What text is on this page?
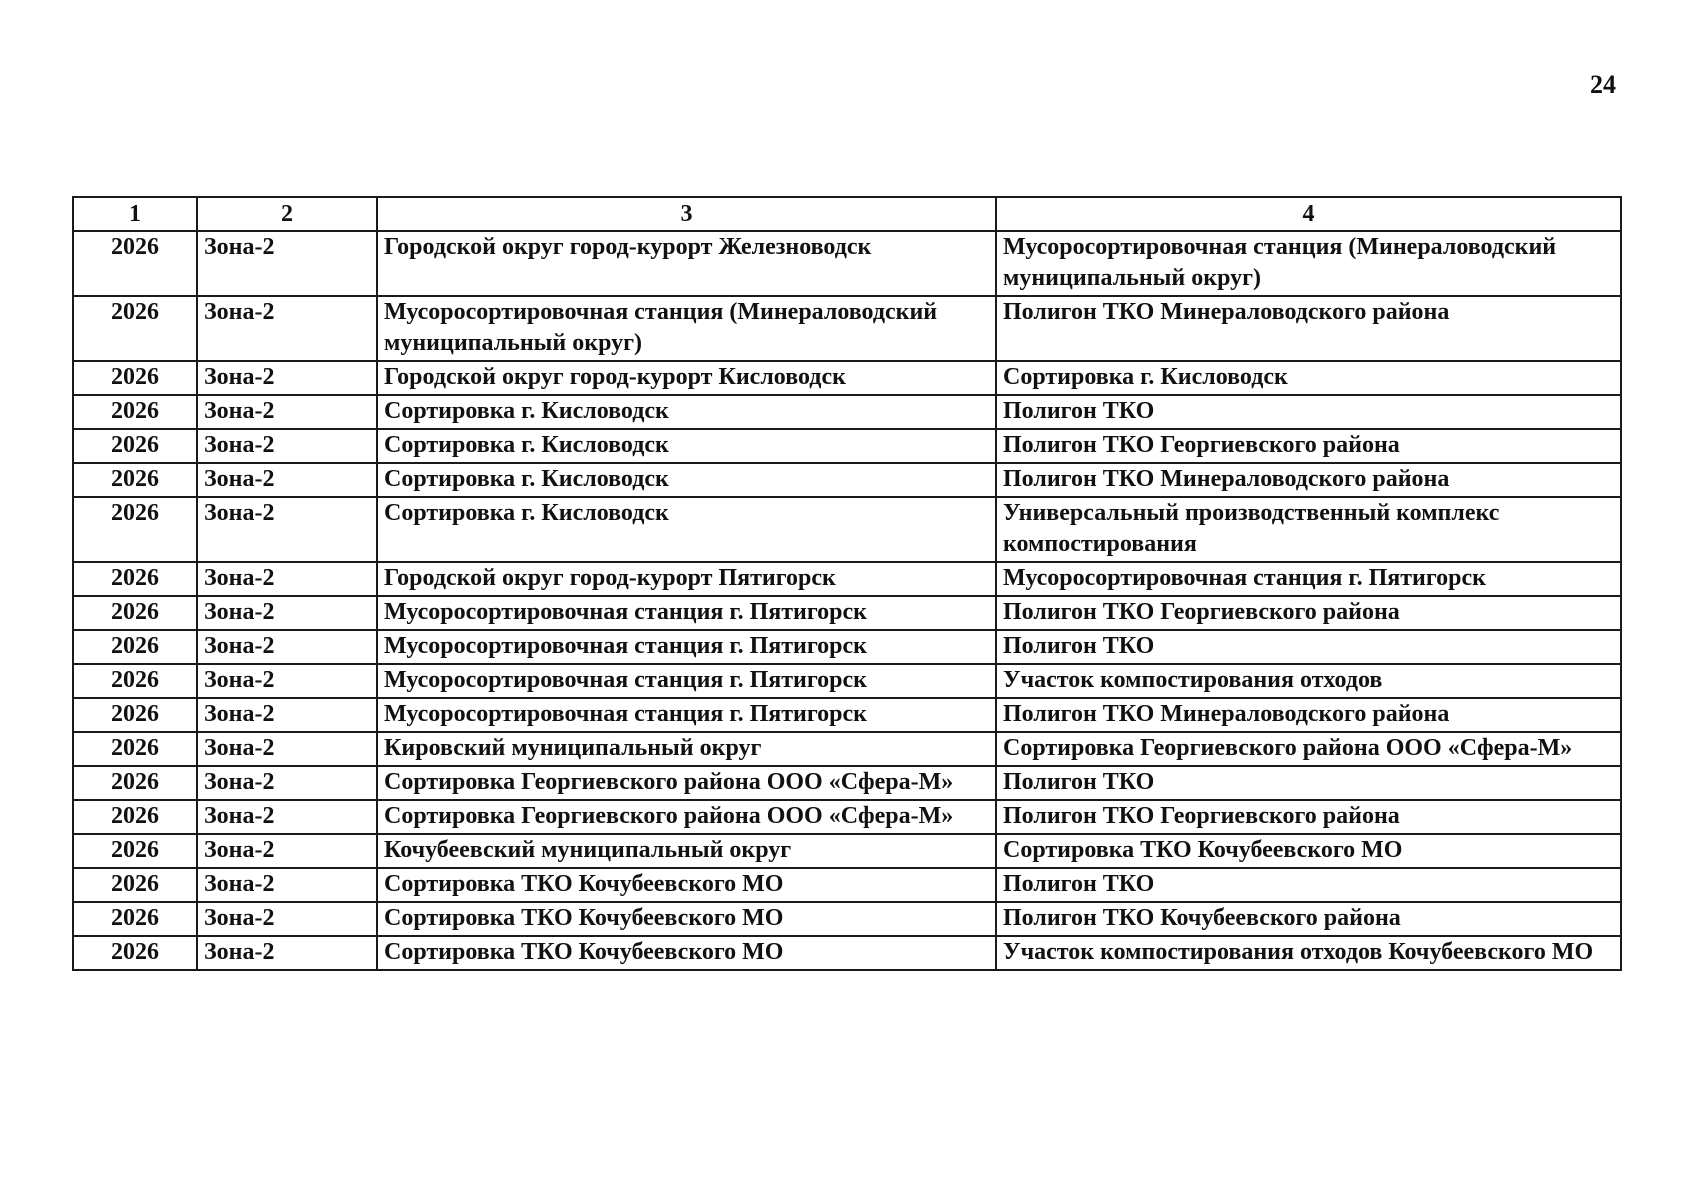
24
1	2	3	4
2026	Зона-2	Городской округ город-курорт Железноводск	Мусоросортировочная станция (Минераловодский муниципальный округ)
2026	Зона-2	Мусоросортировочная станция (Минераловодский муниципальный округ)	Полигон ТКО Минераловодского района
2026	Зона-2	Городской округ город-курорт Кисловодск	Сортировка г. Кисловодск
2026	Зона-2	Сортировка г. Кисловодск	Полигон ТКО
2026	Зона-2	Сортировка г. Кисловодск	Полигон ТКО Георгиевского района
2026	Зона-2	Сортировка г. Кисловодск	Полигон ТКО Минераловодского района
2026	Зона-2	Сортировка г. Кисловодск	Универсальный производственный комплекс компостирования
2026	Зона-2	Городской округ город-курорт Пятигорск	Мусоросортировочная станция г. Пятигорск
2026	Зона-2	Мусоросортировочная станция г. Пятигорск	Полигон ТКО Георгиевского района
2026	Зона-2	Мусоросортировочная станция г. Пятигорск	Полигон ТКО
2026	Зона-2	Мусоросортировочная станция г. Пятигорск	Участок компостирования отходов
2026	Зона-2	Мусоросортировочная станция г. Пятигорск	Полигон ТКО Минераловодского района
2026	Зона-2	Кировский муниципальный округ	Сортировка Георгиевского района ООО «Сфера-М»
2026	Зона-2	Сортировка Георгиевского района ООО «Сфера-М»	Полигон ТКО
2026	Зона-2	Сортировка Георгиевского района ООО «Сфера-М»	Полигон ТКО Георгиевского района
2026	Зона-2	Кочубеевский муниципальный округ	Сортировка ТКО Кочубеевского МО
2026	Зона-2	Сортировка ТКО Кочубеевского МО	Полигон ТКО
2026	Зона-2	Сортировка ТКО Кочубеевского МО	Полигон ТКО Кочубеевского района
2026	Зона-2	Сортировка ТКО Кочубеевского МО	Участок компостирования отходов Кочубеевского МО
